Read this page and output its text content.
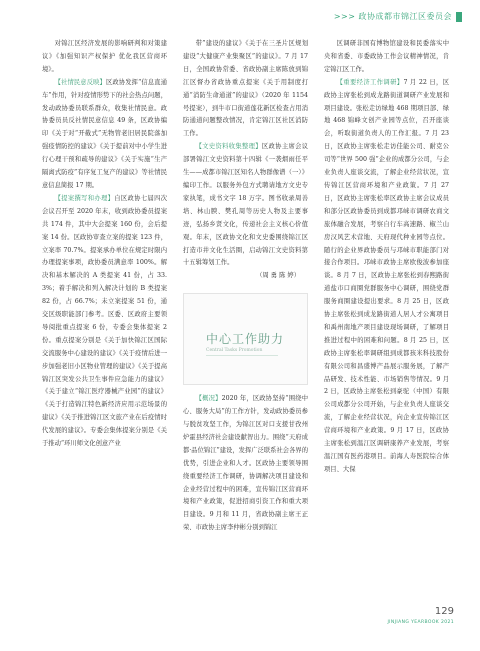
>>> 政协成都市锦江区委员会

对锦江区经济发展的影响研判和对策建议》《加强知识产权保护 优化我区营商环境》。

【社情民意反映】区政协发挥“信息直通车”作用，针对疫情形势下的社会热点问题，发动政协委员联系群众，收集社情民意。政协委员员反社情民意信息 49 条，区政协编印《关于对“开截式”无物管老旧居民院落加强疫情防控的建议》《关于提前对中小学生进行心理干预和疏导的建议》《关于实施“生产隔离式防疫”有序复工复产的建议》等社情民意信息简报 17 期。

【提案撰写和办理】自区政协七届四次会议召开至 2020 年末，收到政协委员提案共 174 件，其中大会提案 160 份，会后提案 14 份。区政协审查立案的提案 123 件，立案率 70.7%。提案承办单位在规定时限内办理提案事项，政协委员满意率 100%。解决和基本解决的 A 类提案 41 份，占 33.3%；着手解决和列入解决计划的 B 类提案 82 份，占 66.7%；未立案提案 51 份，通交区级职能部门参考。区委、区政府主要领导阅批重点提案 6 份，专委会集体提案 2 份。重点提案分别是《关于加快锦江区国际交流服务中心建设的建议》《关于疫情后进一步加强老旧小区物业管理的建议》《关于提高锦江区突发公共卫生事件应急能力的建议》《关于建立“锦江医疗器械产业园”的建议》《关于打造锦江特色新经济应用示范场景的建议》《关于推进锦江区文旅产业在后疫情时代发展的建议》。专委会集体提案分别是《关于推动“环川师文化创意产业

带”建设的建议》《关于在三圣片区规划建设“大健康产业集聚区”的建议》。7 月 17 日，全国政协常委、省政协副主席陈放到锦江区督办省政协重点提案《关于用制度打通“消防生命通道”的建议》（2020 年 1154 号提案），到牛市口街道莲花新区检查占用消防通道问题整改情况，肯定锦江区社区消防工作。

【文史资料收集整理】区政协主席会议部署锦江文史资料第十四辑《一袭烟雨任平生——成都市锦江区知名人物群像谱（一）》编印工作。以服务外包方式聘请地方文史专家执笔，成书文字 18 万字。图书收录周善培、林山腴、樊孔周等历史人物及主要事迹，弘扬乡贤文化，传递社会主义核心价值观。年末，区政协文化和文史委围绕锦江区打造市井文化生活圈，启动锦江文史资料第十五辑筹划工作。

（周 勇 陈 婷）

中心工作助力
Central Tasks Promotion

【概况】2020 年，区政协坚持“围绕中心、服务大局”的工作方针，发动政协委员参与脱贫攻坚工作，为锦江区对口支援甘孜州炉霍县经济社会建设献智出力。围绕“天府成都·品位锦江”建设，发挥广泛联系社会各界的优势，引进企业和人才。区政协主要领导围绕重要经济工作调研，协调解决项目建设和企业经营过程中的困难，宣传锦江区营商环境和产业政策，促进招商引资工作和重大项目建设。9 月和 11 月，省政协副主席王正荣、市政协主席李仲彬分别到锦江

区调研非国有博物馆建设和民委落实中央和省委、市委政协工作会议精神情况，肯定锦江区工作。

【重要经济工作调研】7 月 22 日，区政协主席张松到成龙路街道调研产业发展和项目建设。张松走访绿地 468 期项目部、绿地 468 锦峰文创产业园等点位，召开座谈会，听取街道负责人的工作汇报。7 月 23 日，区政协主席张松走访佳能公司、耐克公司等“世界 500 强”企业的成都分公司，与企业负责人座谈交流，了解企业经营状况，宣传锦江区营商环境和产业政策。7 月 27 日，区政协主席张松率区政协主席会议成员和部分区政协委员到成都邛崃市调研农商文旅体融合发展，考察自行车高速路、椒兰山房汉风艺术营地、天府现代种业园等点位。随行的企业界政协委员与邛崃市职能部门对接合作项目。邛崃市政协主席欧俊波参加座谈。8 月 7 日，区政协主席张松到春熙路街道盐市口商圈党群服务中心调研，围绕党群服务商圈建设提出要求。8 月 25 日，区政协主席张松到成龙路街道人居人才公寓项目和禹州南地产项目建设现场调研，了解项目推进过程中的困难和问题。8 月 25 日，区政协主席张松率调研组到成都孩米科技股份有限公司和昌盛博产品展示服务展，了解产品研发、技术性能、市场销售等情况。9 月 2 日，区政协主席张松到豪驼（中国）有限公司成都分公司开始，与企业负责人座谈交流，了解企业经营状况，向企业宣传锦江区营商环境和产业政策。9 月 17 日，区政协主席张松到温江区调研康养产业发展，考察温江国有医药港项目。前海人寿医院综合体项目、大保

129
JINJIANG YEARBOOK 2021
